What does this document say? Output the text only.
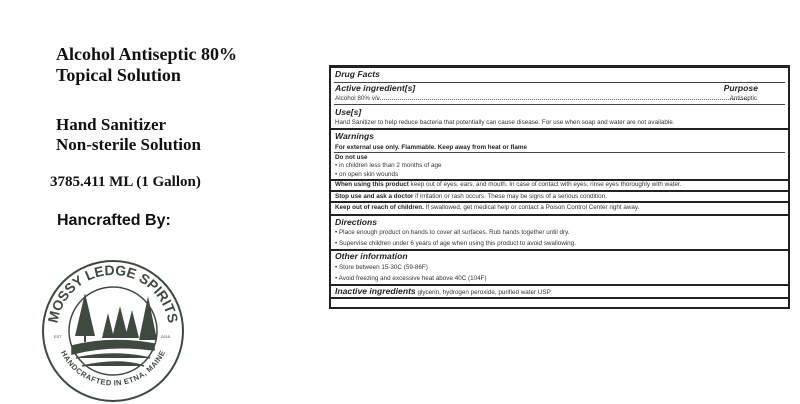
Alcohol Antiseptic 80%
Topical Solution
Hand Sanitizer
Non-sterile Solution
3785.411 ML (1 Gallon)
Hancrafted By:
MOSSY LEDGE SPIRITS
HANDCRAFTED IN ETNA, MAINE
EST	2016
Drug Facts
Active ingredient[s]	Purpose
Alcohol 80% v/v	Antiseptic
Use[s]
Hand Sanitizer to help reduce bacteria that potentially can cause disease. For use when soap and water are not available.
Warnings
For external use only. Flammable. Keep away from heat or flame
Do not use
• in children less than 2 months of age
• on open skin wounds
When using this product keep out of eyes, ears, and mouth. In case of contact with eyes, rinse eyes thoroughly with water.
Stop use and ask a doctor if irritation or rash occurs. These may be signs of a serious condition.
Keep out of reach of children. If swallowed, get medical help or contact a Poison Control Center right away.
Directions
• Place enough product on hands to cover all surfaces. Rub hands together until dry.
• Supervise children under 6 years of age when using this product to avoid swallowing.
Other information
• Store between 15-30C (59-86F)
• Avoid freezing and excessive heat above 40C (104F)
Inactive ingredients glycerin, hydrogen peroxide, purified water USP
